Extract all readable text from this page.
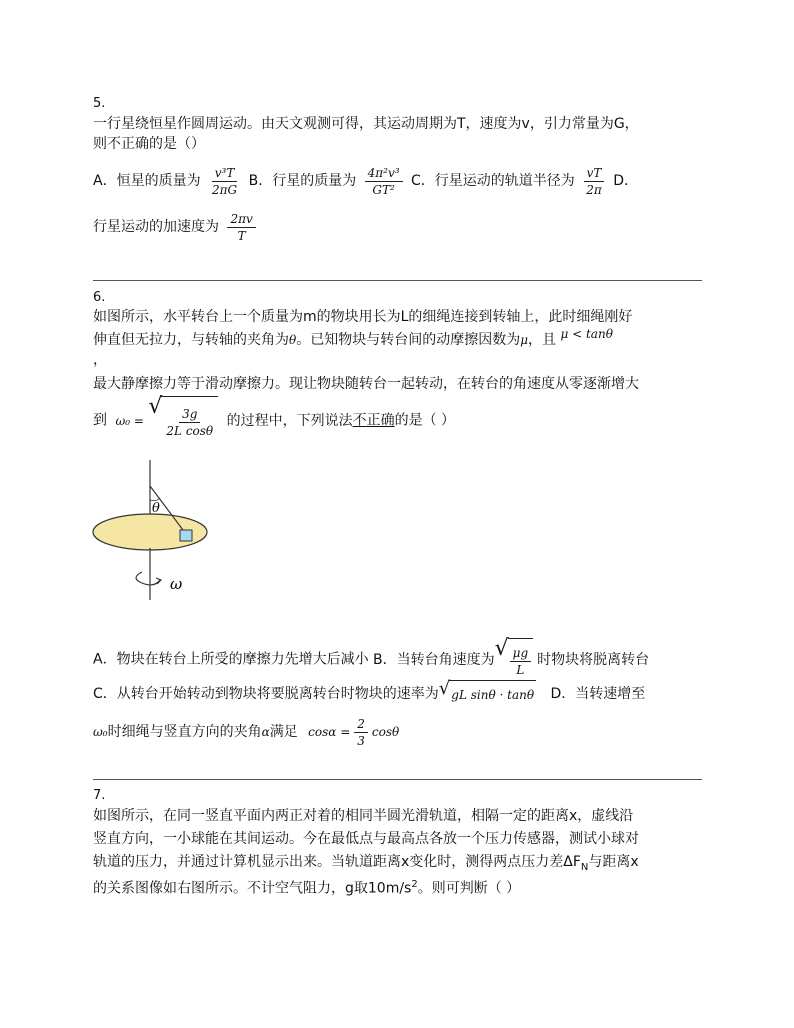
5.
一行星绕恒星作圆周运动。由天文观测可得，其运动周期为T，速度为v，引力常量为G，
则不正确的是（）
A．恒星的质量为 $\frac{\text{v³T}}{2\pi G}$ B．行星的质量为 $\frac{\text{4π²v³}}{\text{GT²}}$ C．行星运动的轨道半径为 $\frac{vT}{2\pi}$ D．
行星运动的加速度为 $\frac{2\pi v}{T}$
6.
如图所示，水平转台上一个质量为m的物块用长为L的细绳连接到转轴上，此时细绳刚好
伸直但无拉力，与转轴的夹角为θ。已知物块与转台间的动摩擦因数为μ，且 μ < tanθ
，
最大静摩擦力等于滑动摩擦力。现让物块随转台一起转动，在转台的角速度从零逐渐增大
到 ω₀ =
√
$\frac{3g}{\text{2L cosθ}}$ 的过程中，下列说法不正确的是（ ）
θ
ω
A．物块在转台上所受的摩擦力先增大后减小 B．当转台角速度为 √ $\frac{\mu g}{L}$ 时物块将脱离转台
C．从转台开始转动到物块将要脱离转台时物块的速率为 √ gL sinθ · tanθ D．当转速增至
ω₀时细绳与竖直方向的夹角α满足 $\cos\alpha = \frac{2}{3}$ cosθ
7.
如图所示，在同一竖直平面内两正对着的相同半圆光滑轨道，相隔一定的距离x，虚线沿
竖直方向，一小球能在其间运动。今在最低点与最高点各放一个压力传感器，测试小球对
轨道的压力，并通过计算机显示出来。当轨道距离x变化时，测得两点压力差$\Delta F_N$与距离x
的关系图像如右图所示。不计空气阻力，g取$10m/s^2$。则可判断（ ）
